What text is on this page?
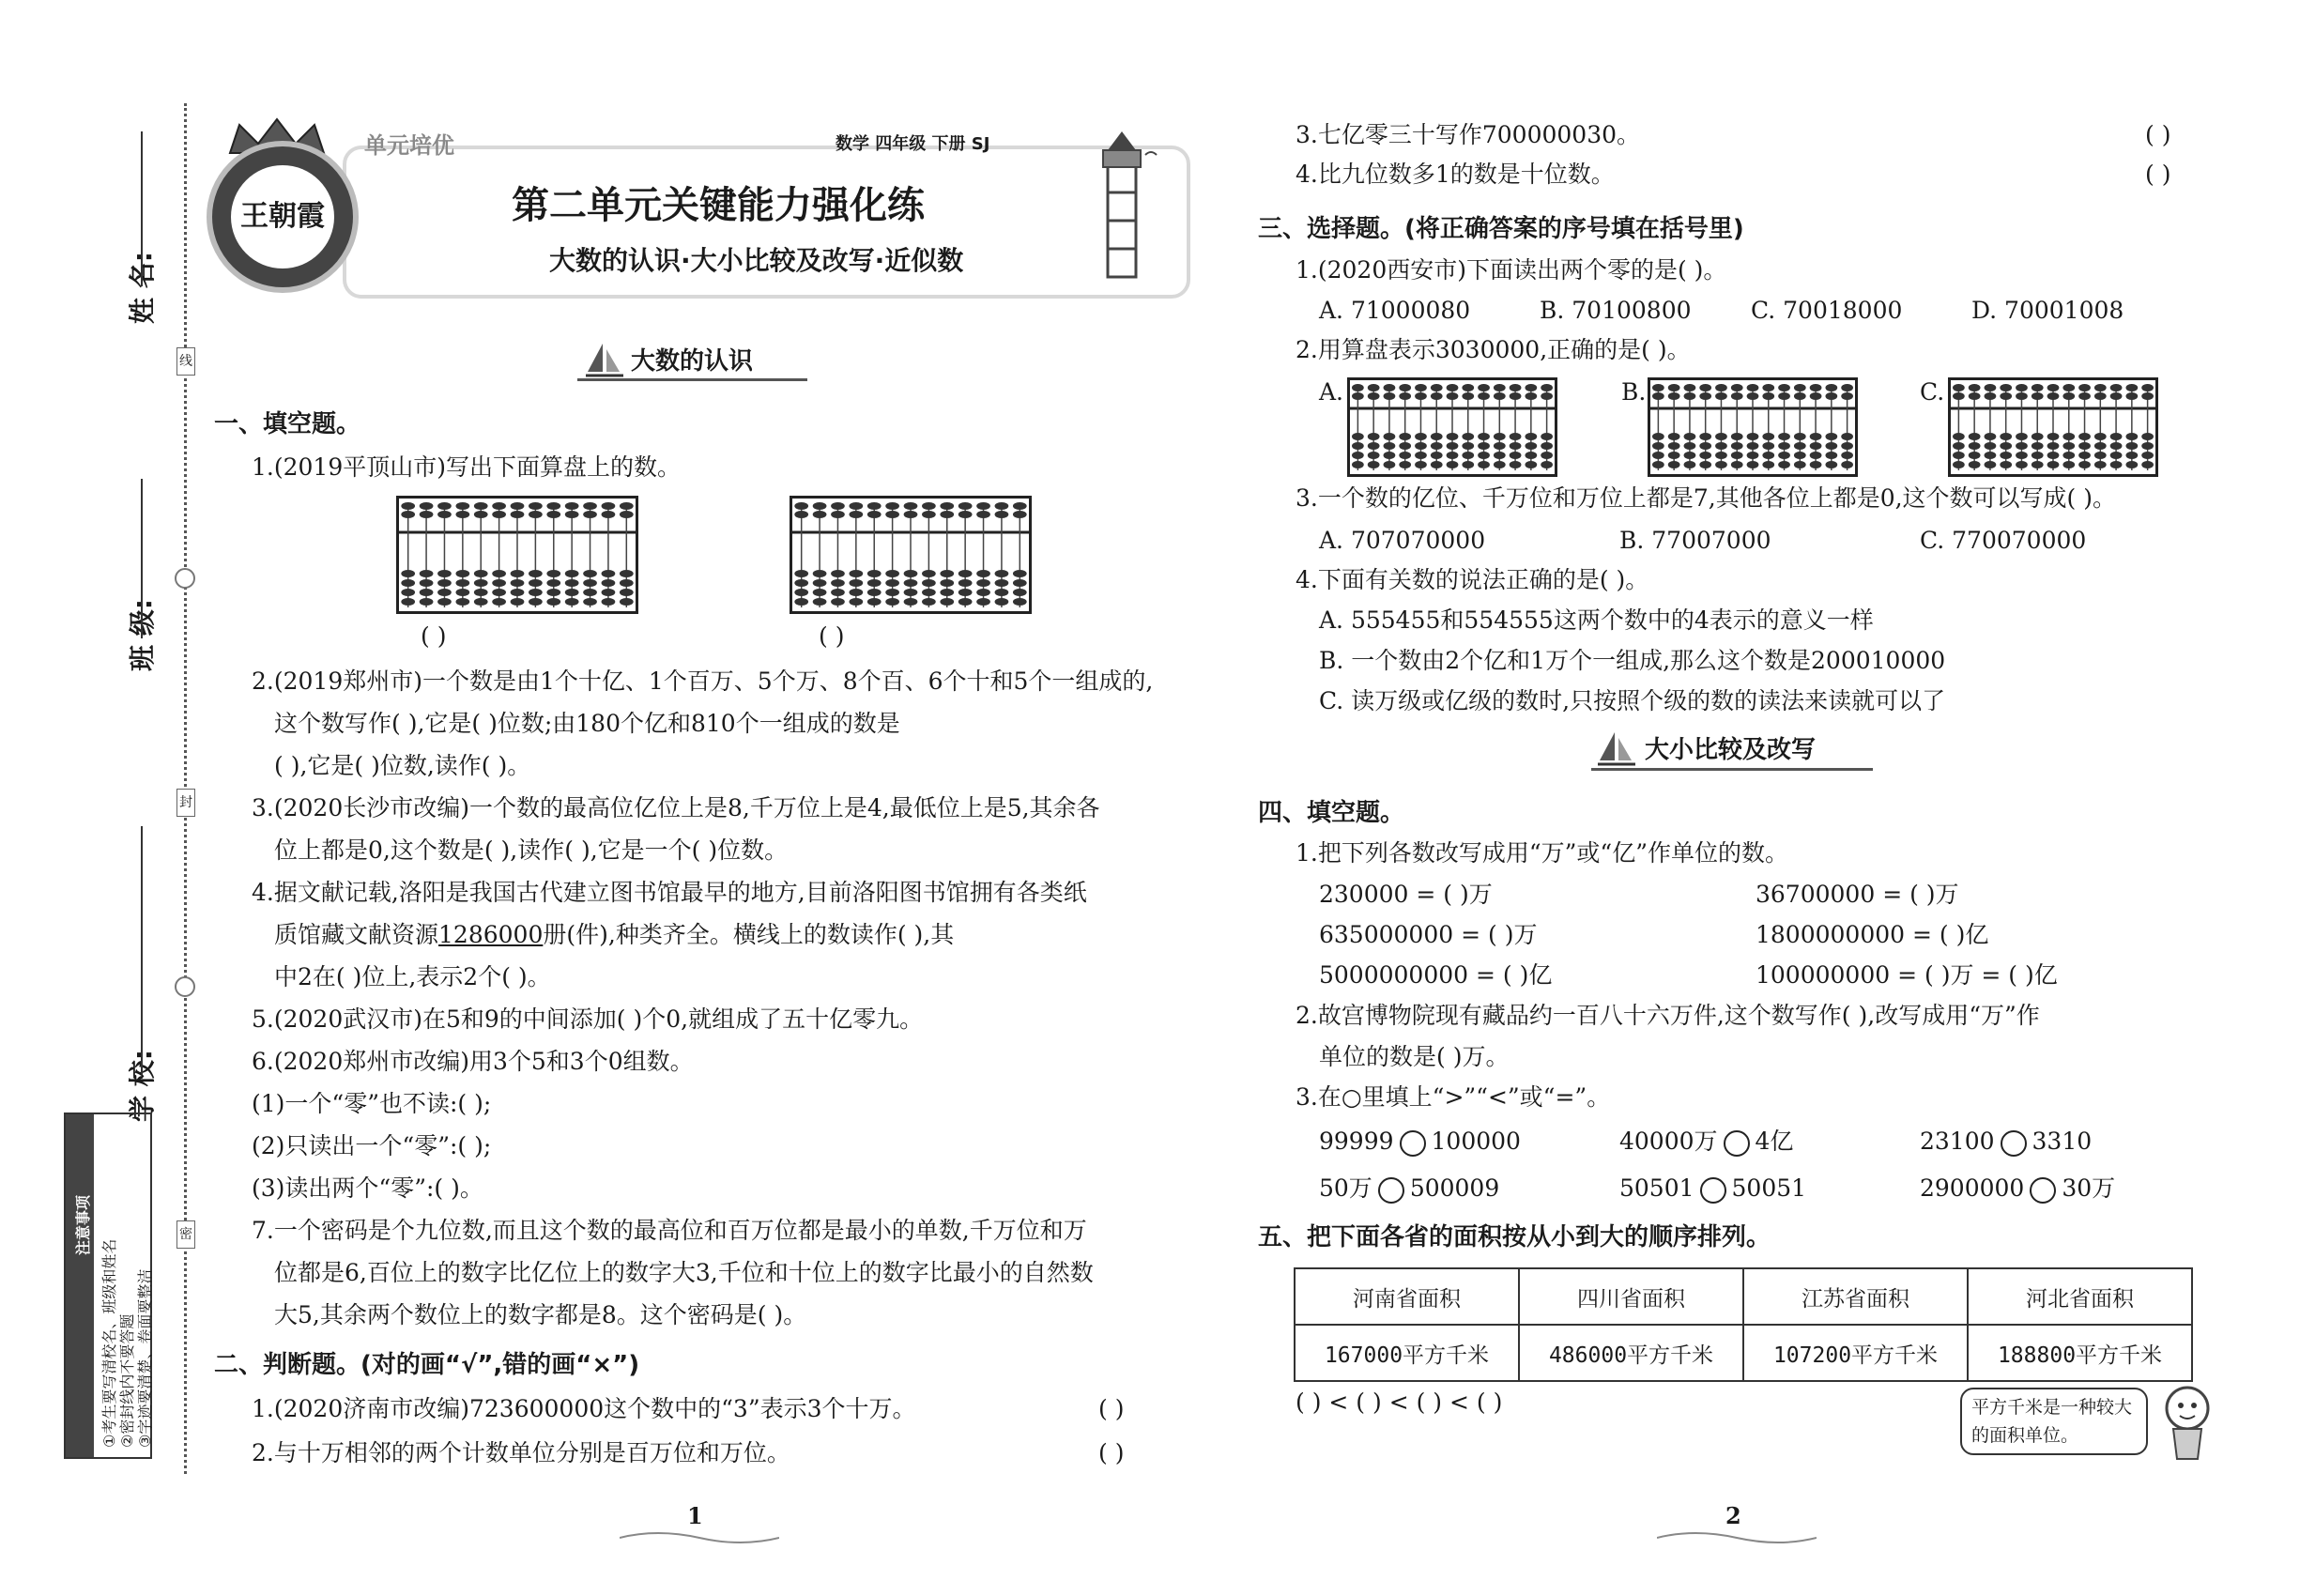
姓 名:
班 级:
学 校:
线
封
密
注意事项
①考生要写清校名、班级和姓名 ②密封线内不要答题 ③字迹要清楚、卷面要整洁
单元培优
王朝霞
数学 四年级 下册 SJ
第二单元关键能力强化练
大数的认识·大小比较及改写·近似数
大数的认识
一、填空题。
1.(2019平顶山市)写出下面算盘上的数。
( )	( )
2.(2019郑州市)一个数是由1个十亿、1个百万、5个万、8个百、6个十和5个一组成的,
这个数写作( ),它是( )位数;由180个亿和810个一组成的数是
( ),它是( )位数,读作( )。
3.(2020长沙市改编)一个数的最高位亿位上是8,千万位上是4,最低位上是5,其余各
位上都是0,这个数是( ),读作( ),它是一个( )位数。
4.据文献记载,洛阳是我国古代建立图书馆最早的地方,目前洛阳图书馆拥有各类纸
质馆藏文献资源1286000册(件),种类齐全。横线上的数读作( ),其
中2在( )位上,表示2个( )。
5.(2020武汉市)在5和9的中间添加( )个0,就组成了五十亿零九。
6.(2020郑州市改编)用3个5和3个0组数。
(1)一个“零”也不读:( );
(2)只读出一个“零”:( );
(3)读出两个“零”:( )。
7.一个密码是个九位数,而且这个数的最高位和百万位都是最小的单数,千万位和万
位都是6,百位上的数字比亿位上的数字大3,千位和十位上的数字比最小的自然数
大5,其余两个数位上的数字都是8。这个密码是( )。
二、判断题。(对的画“√”,错的画“×”)
1.(2020济南市改编)723600000这个数中的“3”表示3个十万。	( )
2.与十万相邻的两个计数单位分别是百万位和万位。	( )
1
3.七亿零三十写作700000030。	( )
4.比九位数多1的数是十位数。	( )
三、选择题。(将正确答案的序号填在括号里)
1.(2020西安市)下面读出两个零的是( )。
A. 71000080	B. 70100800	C. 70018000	D. 70001008
2.用算盘表示3030000,正确的是( )。
A.	B.	C.
3.一个数的亿位、千万位和万位上都是7,其他各位上都是0,这个数可以写成( )。
A. 707070000	B. 77007000	C. 770070000
4.下面有关数的说法正确的是( )。
A. 555455和554555这两个数中的4表示的意义一样
B. 一个数由2个亿和1万个一组成,那么这个数是200010000
C. 读万级或亿级的数时,只按照个级的数的读法来读就可以了
大小比较及改写
四、填空题。
1.把下列各数改写成用“万”或“亿”作单位的数。
230000 = ( )万	36700000 = ( )万
635000000 = ( )万	1800000000 = ( )亿
5000000000 = ( )亿	100000000 = ( )万 = ( )亿
2.故宫博物院现有藏品约一百八十六万件,这个数写作( ),改写成用“万”作
单位的数是( )万。
3.在○里填上“>”“<”或“=”。
99999 100000	40000万 4亿	23100 3310
50万 500009	50501 50051	2900000 30万
五、把下面各省的面积按从小到大的顺序排列。
河南省面积	四川省面积	江苏省面积	河北省面积
167000平方千米	486000平方千米	107200平方千米	188800平方千米
( ) < ( ) < ( ) < ( )	平方千米是一种较大的面积单位。
2
